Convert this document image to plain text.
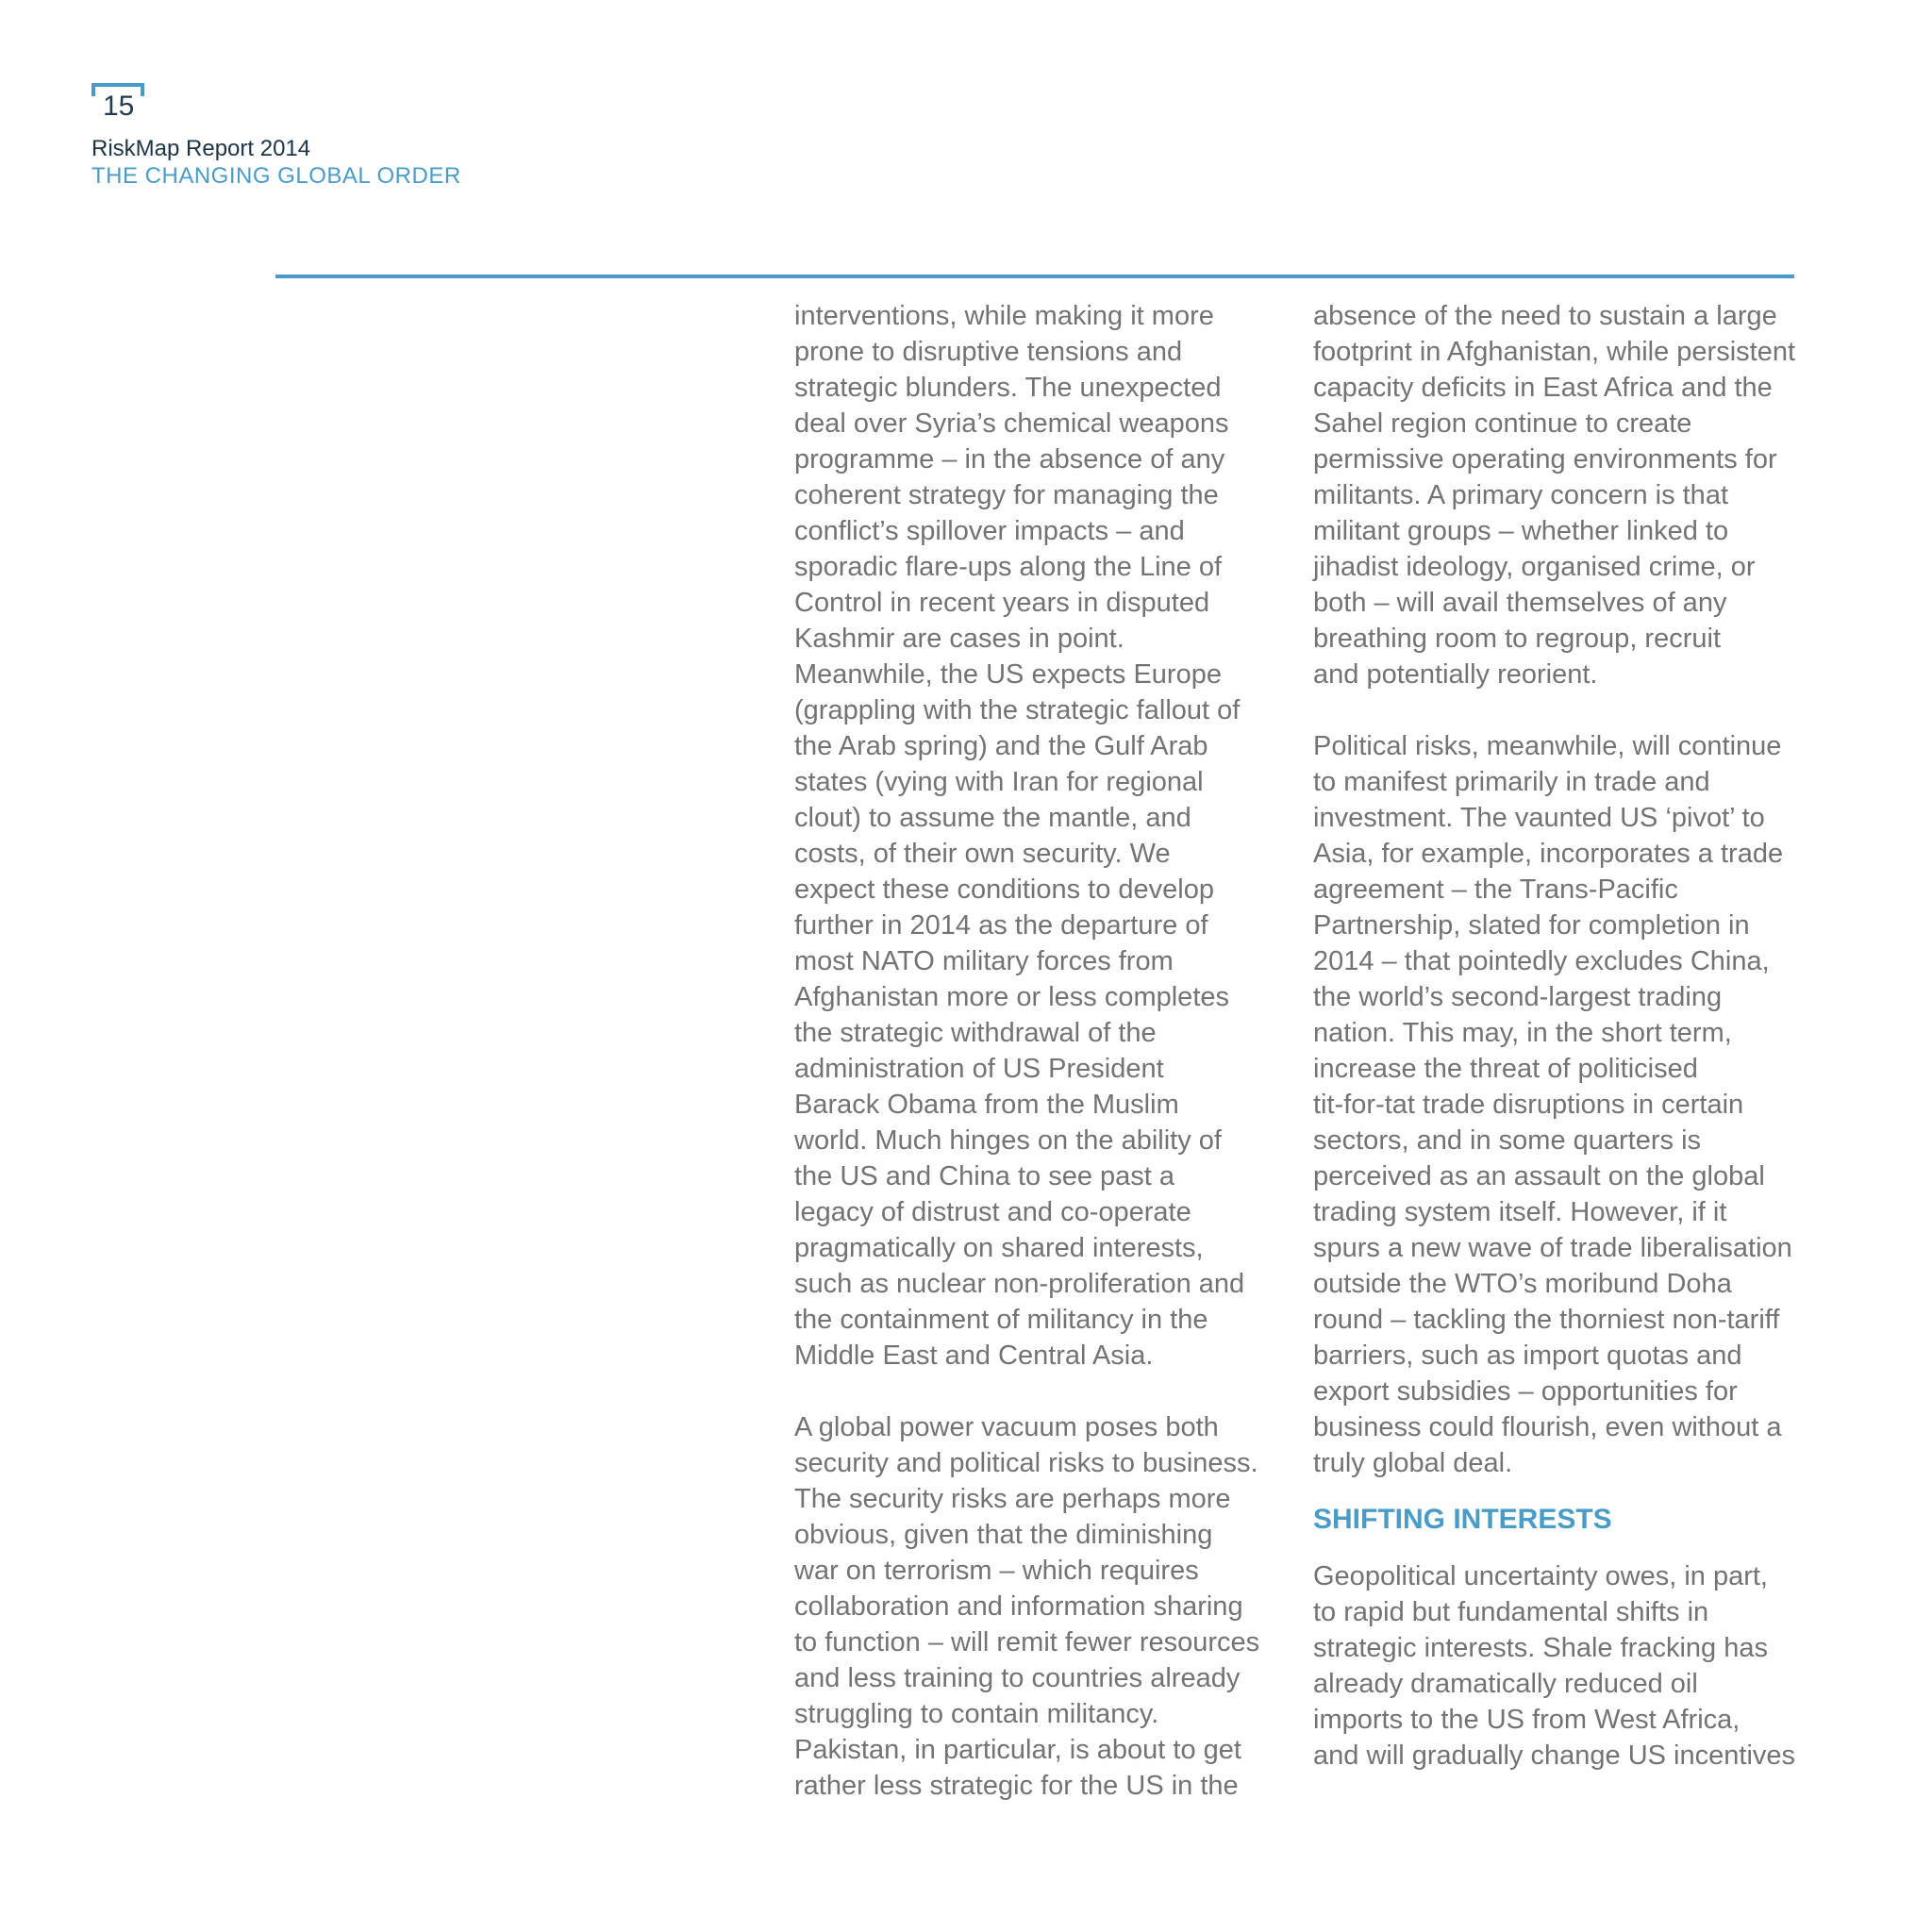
15
RiskMap Report 2014
THE CHANGING GLOBAL ORDER
interventions, while making it more
prone to disruptive tensions and
strategic blunders. The unexpected
deal over Syria’s chemical weapons
programme – in the absence of any
coherent strategy for managing the
conflict’s spillover impacts – and
sporadic flare-ups along the Line of
Control in recent years in disputed
Kashmir are cases in point.
Meanwhile, the US expects Europe
(grappling with the strategic fallout of
the Arab spring) and the Gulf Arab
states (vying with Iran for regional
clout) to assume the mantle, and
costs, of their own security. We
expect these conditions to develop
further in 2014 as the departure of
most NATO military forces from
Afghanistan more or less completes
the strategic withdrawal of the
administration of US President
Barack Obama from the Muslim
world. Much hinges on the ability of
the US and China to see past a
legacy of distrust and co-operate
pragmatically on shared interests,
such as nuclear non-proliferation and
the containment of militancy in the
Middle East and Central Asia.
A global power vacuum poses both
security and political risks to business.
The security risks are perhaps more
obvious, given that the diminishing
war on terrorism – which requires
collaboration and information sharing
to function – will remit fewer resources
and less training to countries already
struggling to contain militancy.
Pakistan, in particular, is about to get
rather less strategic for the US in the
absence of the need to sustain a large
footprint in Afghanistan, while persistent
capacity deficits in East Africa and the
Sahel region continue to create
permissive operating environments for
militants. A primary concern is that
militant groups – whether linked to
jihadist ideology, organised crime, or
both – will avail themselves of any
breathing room to regroup, recruit
and potentially reorient.
Political risks, meanwhile, will continue
to manifest primarily in trade and
investment. The vaunted US ‘pivot’ to
Asia, for example, incorporates a trade
agreement – the Trans-Pacific
Partnership, slated for completion in
2014 – that pointedly excludes China,
the world’s second-largest trading
nation. This may, in the short term,
increase the threat of politicised
tit-for-tat trade disruptions in certain
sectors, and in some quarters is
perceived as an assault on the global
trading system itself. However, if it
spurs a new wave of trade liberalisation
outside the WTO’s moribund Doha
round – tackling the thorniest non-tariff
barriers, such as import quotas and
export subsidies – opportunities for
business could flourish, even without a
truly global deal.
SHIFTING INTERESTS
Geopolitical uncertainty owes, in part,
to rapid but fundamental shifts in
strategic interests. Shale fracking has
already dramatically reduced oil
imports to the US from West Africa,
and will gradually change US incentives
